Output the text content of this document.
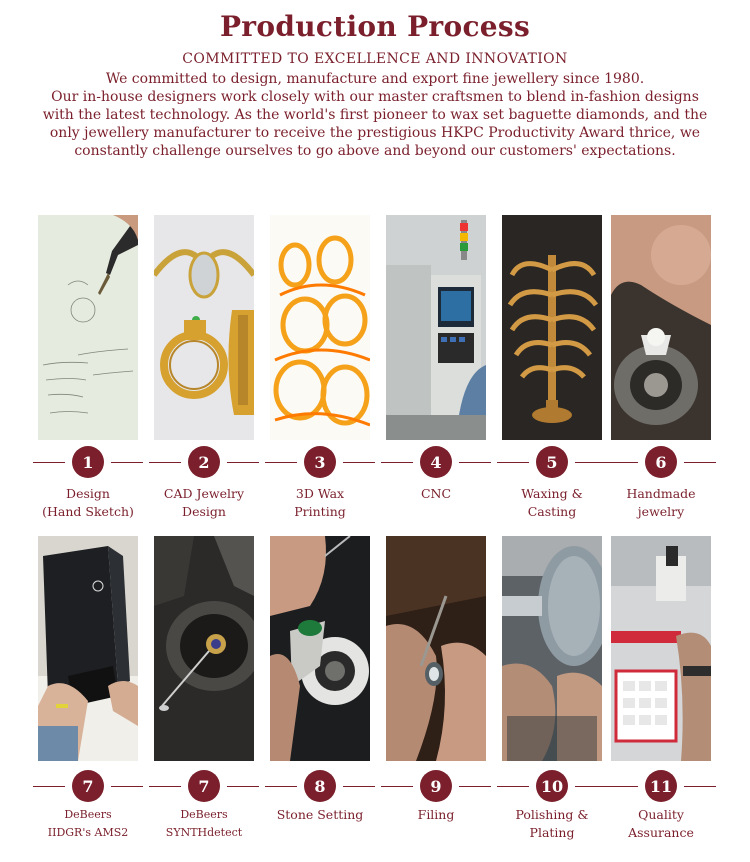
Production Process
COMMITTED TO EXCELLENCE AND INNOVATION

We committed to design, manufacture and export fine jewellery since 1980.

Our in-house designers work closely with our master craftsmen to blend in-fashion designs with the latest technology. As the world's first pioneer to wax set baguette diamonds, and the only jewellery manufacturer to receive the prestigious HKPC Productivity Award thrice, we constantly challenge ourselves to go above and beyond our customers' expectations.

1
Design
(Hand Sketch)
2
CAD Jewelry
Design
3
3D Wax
Printing
4
CNC
5
Waxing &
Casting
6
Handmade
jewelry
7
DeBeers
IIDGR's AMS2
7
DeBeers
SYNTHdetect
8
Stone Setting
9
Filing
10
Polishing &
Plating
11
Quality
Assurance
